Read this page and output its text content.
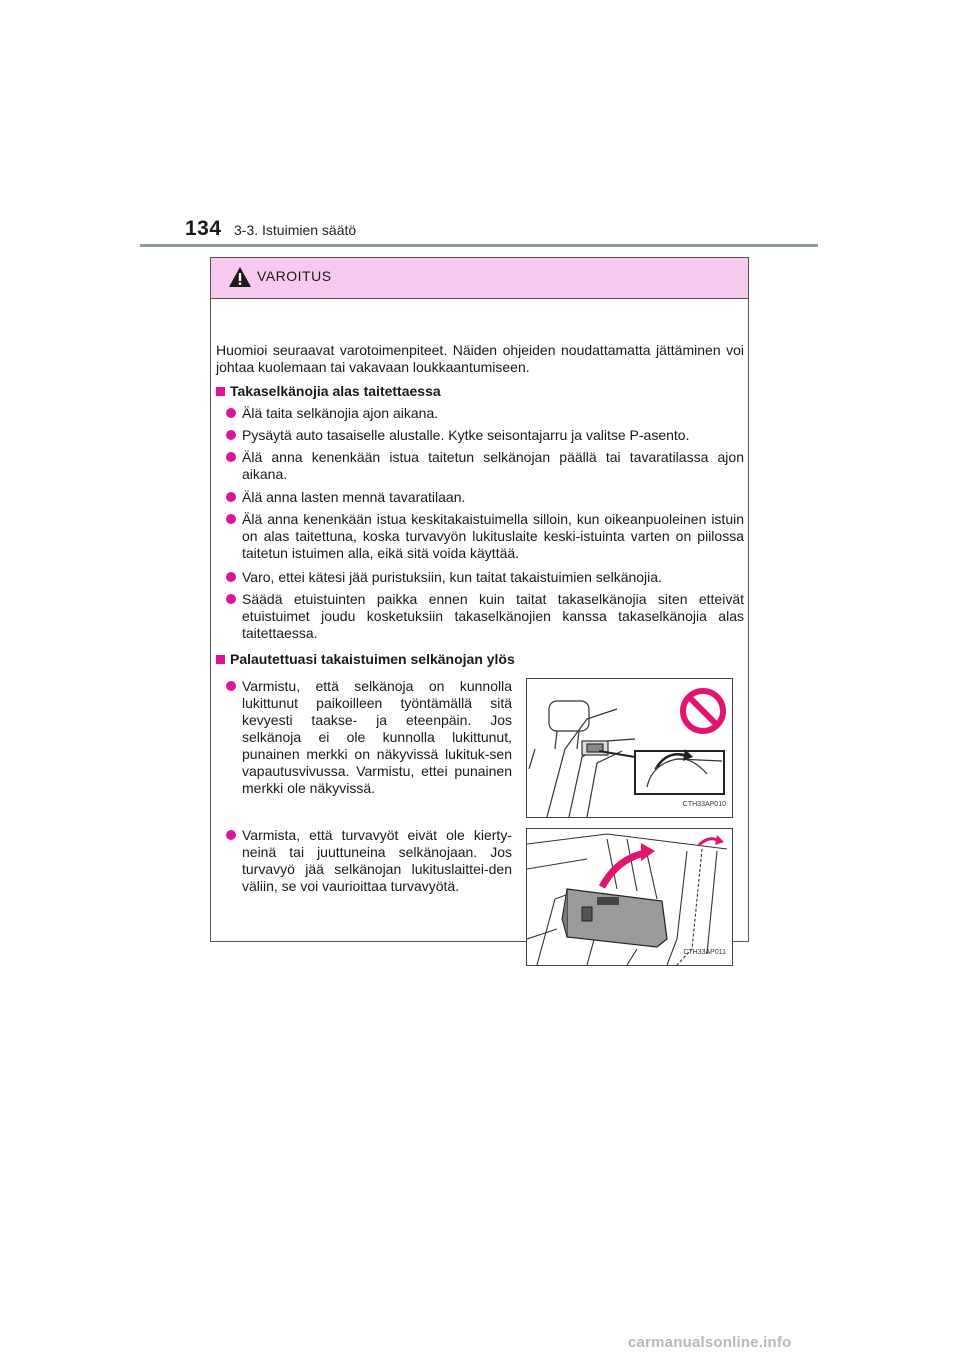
134 3-3. Istuimien säätö
VAROITUS
Huomioi seuraavat varotoimenpiteet. Näiden ohjeiden noudattamatta jättäminen voi johtaa kuolemaan tai vakavaan loukkaantumiseen.
Takaselkänojia alas taitettaessa
Älä taita selkänojia ajon aikana.
Pysäytä auto tasaiselle alustalle. Kytke seisontajarru ja valitse P-asento.
Älä anna kenenkään istua taitetun selkänojan päällä tai tavaratilassa ajon aikana.
Älä anna lasten mennä tavaratilaan.
Älä anna kenenkään istua keskitakaistuimella silloin, kun oikeanpuoleinen istuin on alas taitettuna, koska turvavyön lukituslaite keski-istuinta varten on piilossa taitetun istuimen alla, eikä sitä voida käyttää.
Varo, ettei kätesi jää puristuksiin, kun taitat takaistuimien selkänojia.
Säädä etuistuinten paikka ennen kuin taitat takaselkänojia siten etteivät etuistuimet joudu kosketuksiin takaselkänojien kanssa takaselkänojia alas taitettaessa.
Palautettuasi takaistuimen selkänojan ylös
Varmistu, että selkänoja on kunnolla lukittunut paikoilleen työntämällä sitä kevyesti taakse- ja eteenpäin. Jos selkänoja ei ole kunnolla lukittunut, punainen merkki on näkyvissä lukituk-sen vapautusvivussa. Varmistu, ettei punainen merkki ole näkyvissä.
Varmista, että turvavyöt eivät ole kierty-neinä tai juuttuneina selkänojaan. Jos turvavyö jää selkänojan lukituslaittei-den väliin, se voi vaurioittaa turvavyötä.
CTH33AP010
CTH33AP011
carmanualsonline.info
